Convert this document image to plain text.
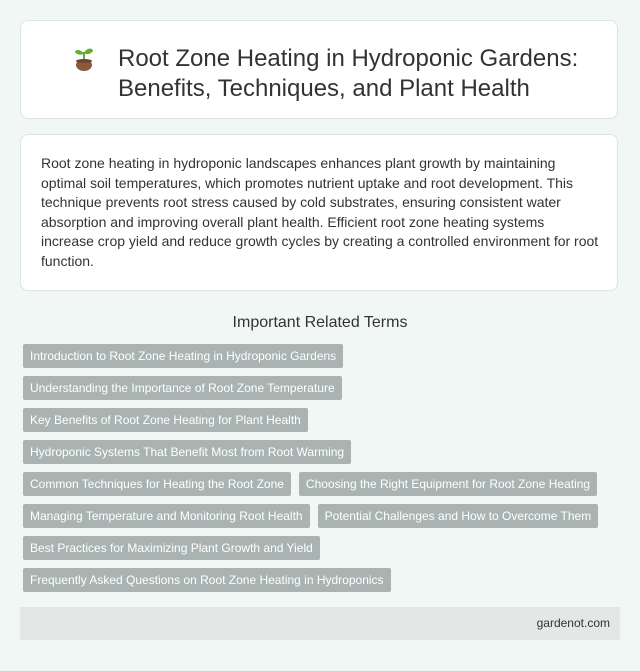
Root Zone Heating in Hydroponic Gardens:
Benefits, Techniques, and Plant Health

Root zone heating in hydroponic landscapes enhances plant growth by maintaining optimal soil temperatures, which promotes nutrient uptake and root development. This technique prevents root stress caused by cold substrates, ensuring consistent water absorption and improving overall plant health. Efficient root zone heating systems increase crop yield and reduce growth cycles by creating a controlled environment for root function.

Important Related Terms
Introduction to Root Zone Heating in Hydroponic Gardens
Understanding the Importance of Root Zone Temperature
Key Benefits of Root Zone Heating for Plant Health
Hydroponic Systems That Benefit Most from Root Warming
Common Techniques for Heating the Root Zone	Choosing the Right Equipment for Root Zone Heating
Managing Temperature and Monitoring Root Health	Potential Challenges and How to Overcome Them
Best Practices for Maximizing Plant Growth and Yield
Frequently Asked Questions on Root Zone Heating in Hydroponics
gardenot.com
